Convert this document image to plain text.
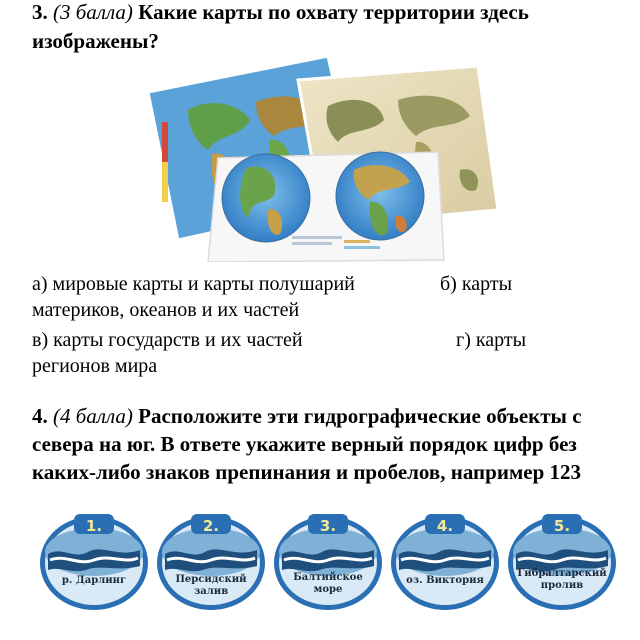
3. (3 балла) Какие карты по охвату территории здесь изображены?
а) мировые карты и карты полушарий	б) карты
материков, океанов и их частей
в) карты государств и их частей	г) карты
регионов мира
4. (4 балла) Расположите эти гидрографические объекты с севера на юг. В ответе укажите верный порядок цифр без каких-либо знаков препинания и пробелов, например 123
1.
р. Дарлинг
2.
Персидский залив
3.
Балтийское море
4.
оз. Виктория
5.
Гибралтарский пролив
